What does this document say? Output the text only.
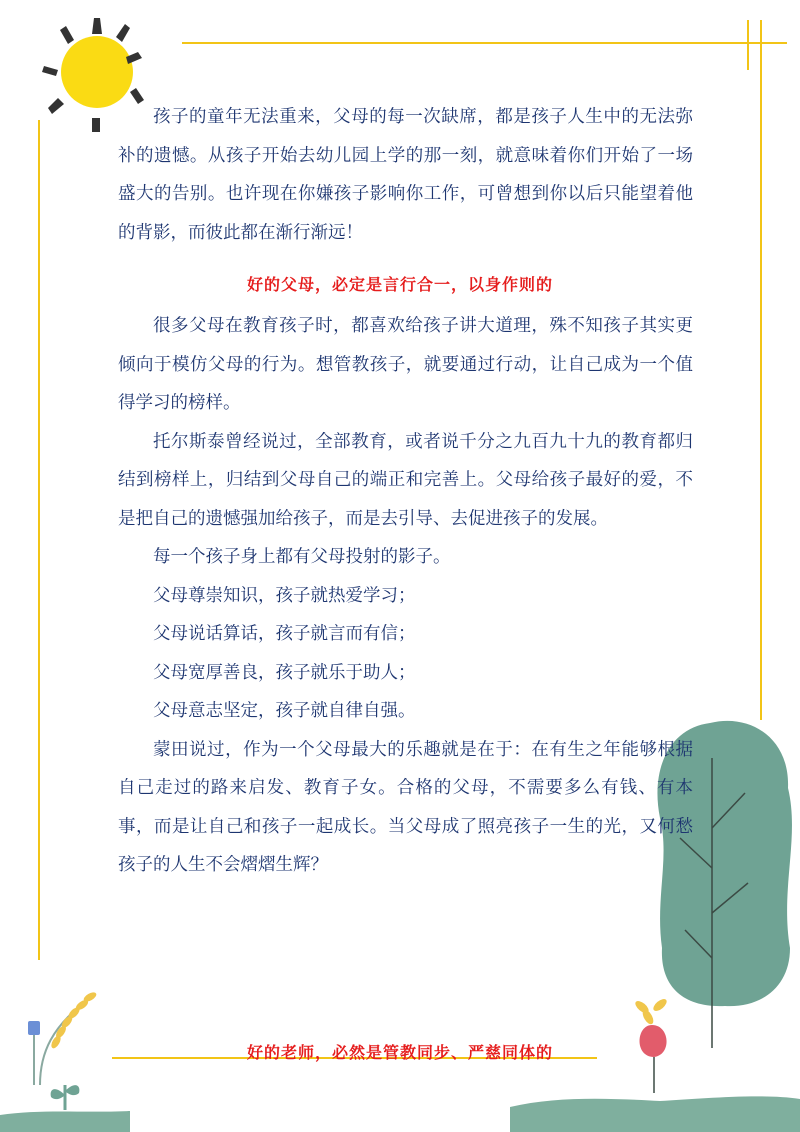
孩子的童年无法重来，父母的每一次缺席，都是孩子人生中的无法弥补的遗憾。从孩子开始去幼儿园上学的那一刻，就意味着你们开始了一场盛大的告别。也许现在你嫌孩子影响你工作，可曾想到你以后只能望着他的背影，而彼此都在渐行渐远！

好的父母，必定是言行合一，以身作则的

很多父母在教育孩子时，都喜欢给孩子讲大道理，殊不知孩子其实更倾向于模仿父母的行为。想管教孩子，就要通过行动，让自己成为一个值得学习的榜样。

托尔斯泰曾经说过，全部教育，或者说千分之九百九十九的教育都归结到榜样上，归结到父母自己的端正和完善上。父母给孩子最好的爱，不是把自己的遗憾强加给孩子，而是去引导、去促进孩子的发展。

每一个孩子身上都有父母投射的影子。

父母尊崇知识，孩子就热爱学习；

父母说话算话，孩子就言而有信；

父母宽厚善良，孩子就乐于助人；

父母意志坚定，孩子就自律自强。

蒙田说过，作为一个父母最大的乐趣就是在于：在有生之年能够根据自己走过的路来启发、教育子女。合格的父母，不需要多么有钱、有本事，而是让自己和孩子一起成长。当父母成了照亮孩子一生的光，又何愁孩子的人生不会熠熠生辉？

好的老师，必然是管教同步、严慈同体的
